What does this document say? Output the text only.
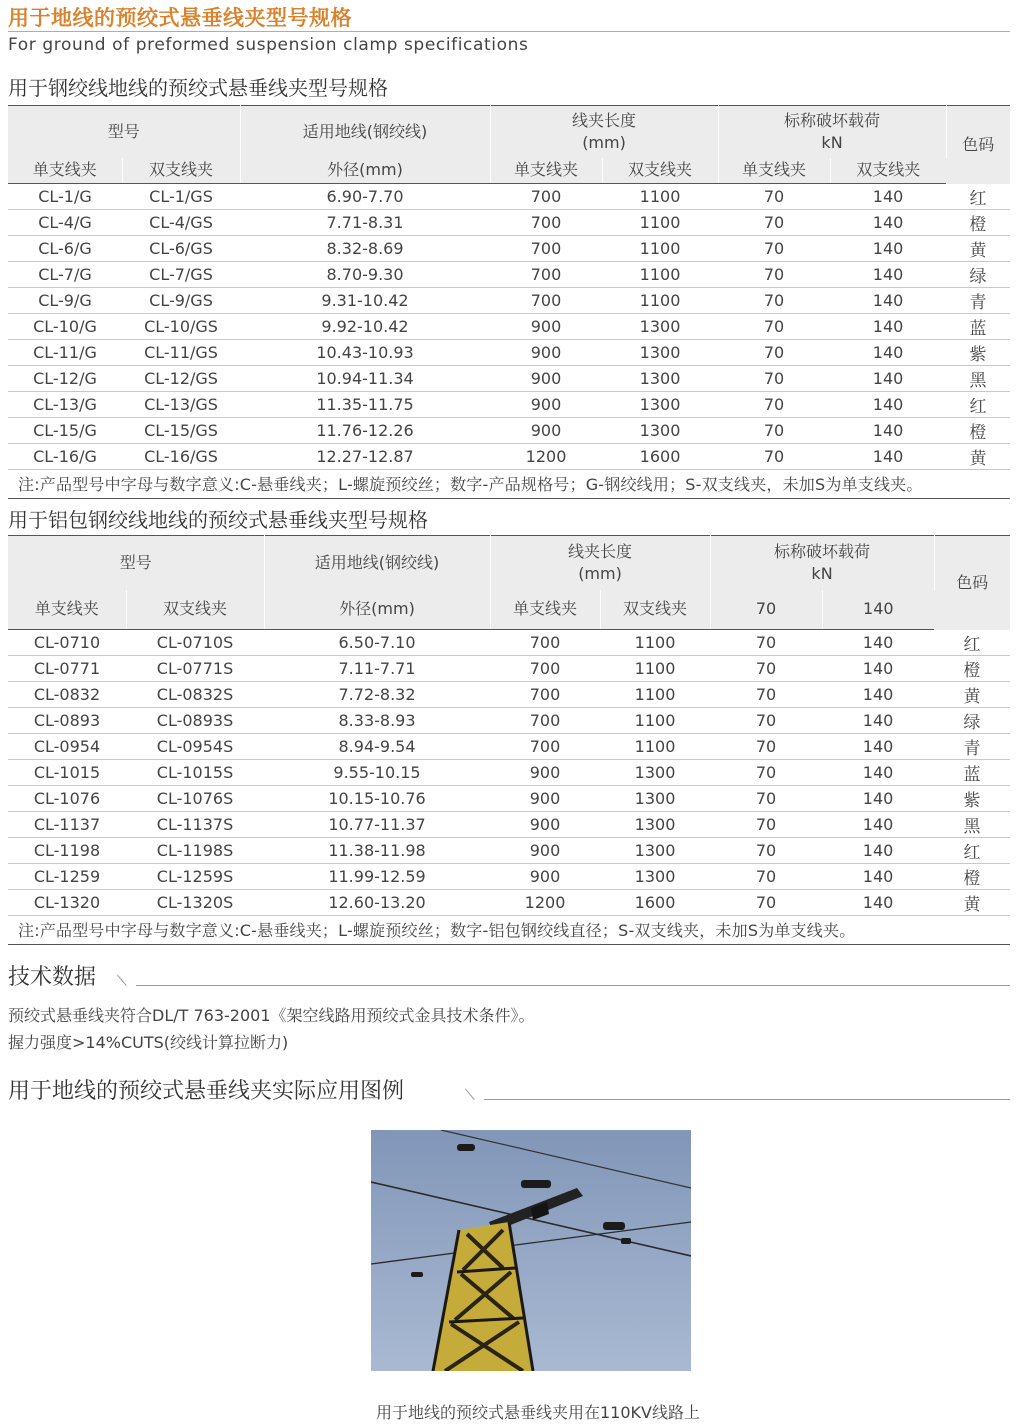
用于地线的预绞式悬垂线夹型号规格
For ground of preformed suspension clamp specifications
用于钢绞线地线的预绞式悬垂线夹型号规格
型号		适用地线(钢绞线)	线夹长度
(mm)		标称破坏载荷
kN		色码
单支线夹	双支线夹	外径(mm)	单支线夹	双支线夹	单支线夹	双支线夹	
CL-1/G	CL-1/GS	6.90-7.70	700	1100	70	140	红
CL-4/G	CL-4/GS	7.71-8.31	700	1100	70	140	橙
CL-6/G	CL-6/GS	8.32-8.69	700	1100	70	140	黄
CL-7/G	CL-7/GS	8.70-9.30	700	1100	70	140	绿
CL-9/G	CL-9/GS	9.31-10.42	700	1100	70	140	青
CL-10/G	CL-10/GS	9.92-10.42	900	1300	70	140	蓝
CL-11/G	CL-11/GS	10.43-10.93	900	1300	70	140	紫
CL-12/G	CL-12/GS	10.94-11.34	900	1300	70	140	黑
CL-13/G	CL-13/GS	11.35-11.75	900	1300	70	140	红
CL-15/G	CL-15/GS	11.76-12.26	900	1300	70	140	橙
CL-16/G	CL-16/GS	12.27-12.87	1200	1600	70	140	黄
注:产品型号中字母与数字意义:C-悬垂线夹；L-螺旋预绞丝；数字-产品规格号；G-钢绞线用；S-双支线夹，未加S为单支线夹。							
用于铝包钢绞线地线的预绞式悬垂线夹型号规格
型号		适用地线(钢绞线)	线夹长度
(mm)		标称破坏载荷
kN		色码
单支线夹	双支线夹	外径(mm)	单支线夹	双支线夹	70	140	
CL-0710	CL-0710S	6.50-7.10	700	1100	70	140	红
CL-0771	CL-0771S	7.11-7.71	700	1100	70	140	橙
CL-0832	CL-0832S	7.72-8.32	700	1100	70	140	黄
CL-0893	CL-0893S	8.33-8.93	700	1100	70	140	绿
CL-0954	CL-0954S	8.94-9.54	700	1100	70	140	青
CL-1015	CL-1015S	9.55-10.15	900	1300	70	140	蓝
CL-1076	CL-1076S	10.15-10.76	900	1300	70	140	紫
CL-1137	CL-1137S	10.77-11.37	900	1300	70	140	黑
CL-1198	CL-1198S	11.38-11.98	900	1300	70	140	红
CL-1259	CL-1259S	11.99-12.59	900	1300	70	140	橙
CL-1320	CL-1320S	12.60-13.20	1200	1600	70	140	黄
注:产品型号中字母与数字意义:C-悬垂线夹；L-螺旋预绞丝；数字-铝包钢绞线直径；S-双支线夹，未加S为单支线夹。							
技术数据
预绞式悬垂线夹符合DL/T 763-2001《架空线路用预绞式金具技术条件》。
握力强度>14%CUTS(绞线计算拉断力)
用于地线的预绞式悬垂线夹实际应用图例
用于地线的预绞式悬垂线夹用在110KV线路上
